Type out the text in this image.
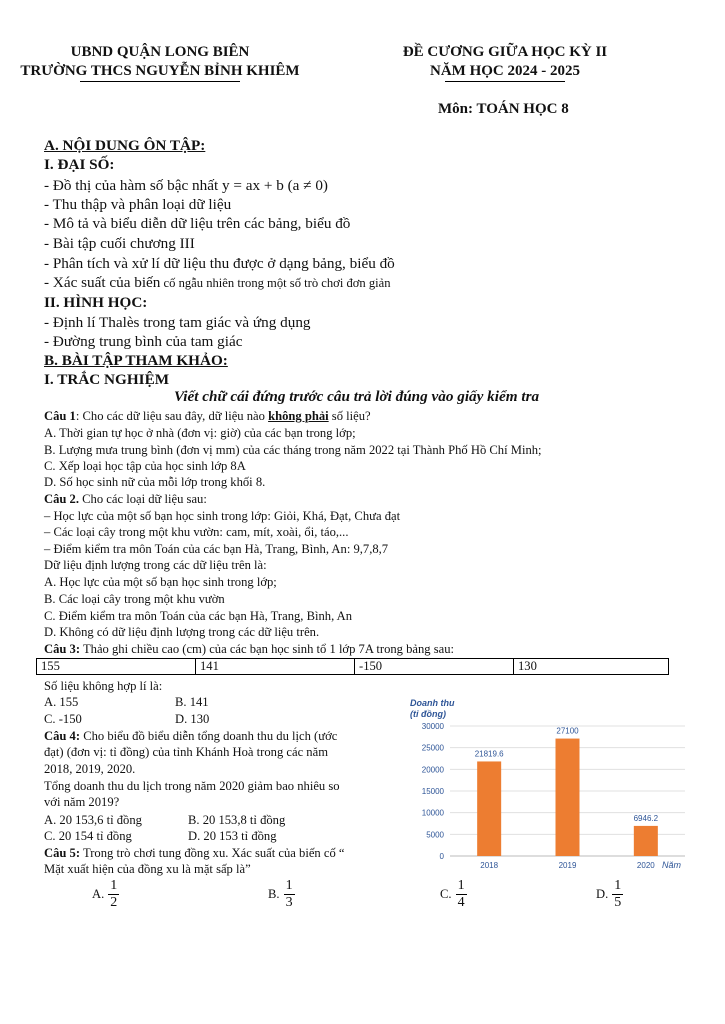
UBND QUẬN LONG BIÊN
TRƯỜNG THCS NGUYỄN BỈNH KHIÊM
ĐỀ CƯƠNG GIỮA HỌC KỲ II
NĂM HỌC 2024 - 2025
Môn: TOÁN HỌC 8
A. NỘI DUNG ÔN TẬP:
I. ĐẠI SỐ:
- Đồ thị của hàm số bậc nhất y = ax + b (a ≠ 0)
- Thu thập và phân loại dữ liệu
- Mô tả và biểu diễn dữ liệu trên các bảng, biểu đồ
- Bài tập cuối chương III
- Phân tích và xử lí dữ liệu thu được ở dạng bảng, biểu đồ
- Xác suất của biến cố ngẫu nhiên trong một số trò chơi đơn giản
II. HÌNH HỌC:
- Định lí Thalès trong tam giác và ứng dụng
- Đường trung bình của tam giác
B. BÀI TẬP THAM KHẢO:
I. TRẮC NGHIỆM
Viết chữ cái đứng trước câu trả lời đúng vào giấy kiểm tra
Câu 1: Cho các dữ liệu sau đây, dữ liệu nào không phải số liệu?
A. Thời gian tự học ở nhà (đơn vị: giờ) của các bạn trong lớp;
B. Lượng mưa trung bình (đơn vị mm) của các tháng trong năm 2022 tại Thành Phố Hồ Chí Minh;
C. Xếp loại học tập của học sinh lớp 8A
D. Số học sinh nữ của mỗi lớp trong khối 8.
Câu 2. Cho các loại dữ liệu sau:
– Học lực của một số bạn học sinh trong lớp: Giỏi, Khá, Đạt, Chưa đạt
– Các loại cây trong một khu vườn: cam, mít, xoài, ổi, táo,...
– Điểm kiểm tra môn Toán của các bạn Hà, Trang, Bình, An: 9,7,8,7
Dữ liệu định lượng trong các dữ liệu trên là:
A. Học lực của một số bạn học sinh trong lớp;
B. Các loại cây trong một khu vườn
C. Điểm kiểm tra môn Toán của các bạn Hà, Trang, Bình, An
D. Không có dữ liệu định lượng trong các dữ liệu trên.
Câu 3: Thảo ghi chiều cao (cm) của các bạn học sinh tổ 1 lớp 7A trong bảng sau:
155	141	-150	130
Số liệu không hợp lí là:
A. 155	B. 141
C. -150	D. 130
Câu 4: Cho biểu đồ biểu diễn tổng doanh thu du lịch (ước
đạt) (đơn vị: tỉ đồng) của tỉnh Khánh Hoà trong các năm
2018, 2019, 2020.
Tổng doanh thu du lịch trong năm 2020 giảm bao nhiêu so
với năm 2019?
A. 20 153,6 tỉ đồng	B. 20 153,8 tỉ đồng
C. 20 154 tỉ đồng	D. 20 153 tỉ đồng
Câu 5: Trong trò chơi tung đồng xu. Xác suất của biến cố “
Mặt xuất hiện của đồng xu là mặt sấp là”
A. $\frac{1}{2}$	B. $\frac{1}{3}$	C. $\frac{1}{4}$	D. $\frac{1}{5}$
Doanh thu
(tỉ đồng)
Năm
0
5000
10000
15000
20000
25000
30000
21819.6
2018
27100
2019
6946.2
2020
